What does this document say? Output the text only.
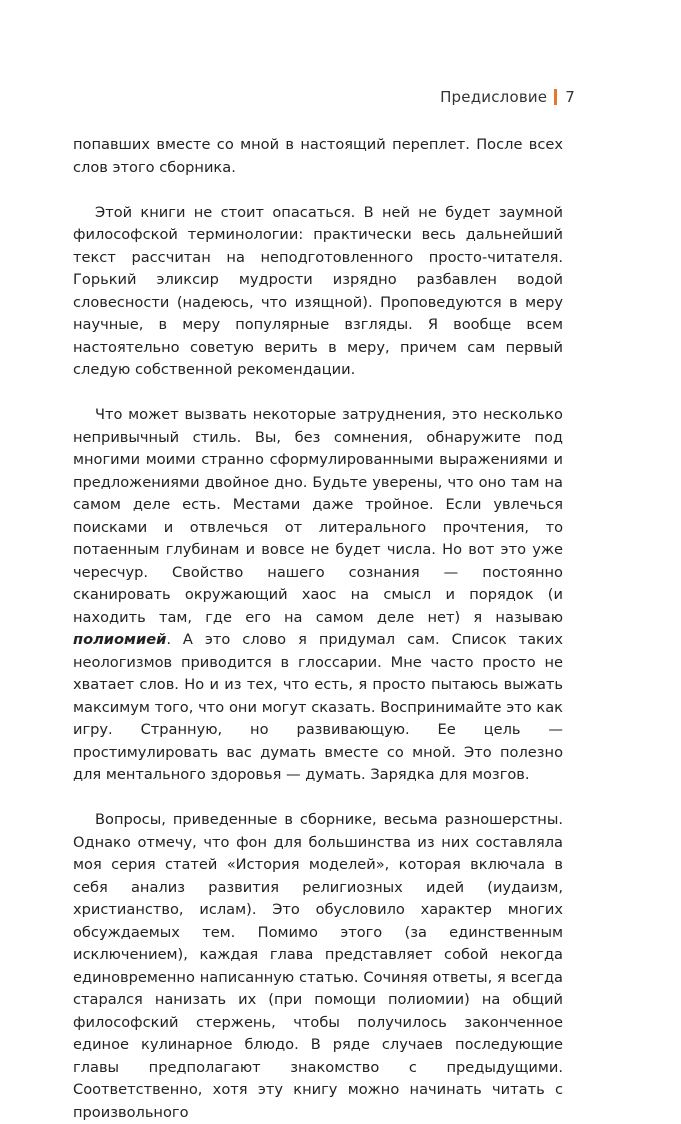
Предисловие 7

попавших вместе со мной в настоящий переплет. После всех слов этого сборника.

Этой книги не стоит опасаться. В ней не будет заумной философской терминологии: практически весь дальнейший текст рассчитан на неподготовленного просто-читателя. Горький эликсир мудрости изрядно разбавлен водой словесности (надеюсь, что изящной). Проповедуются в меру научные, в меру популярные взгляды. Я вообще всем настоятельно советую верить в меру, причем сам первый следую собственной рекомендации.

Что может вызвать некоторые затруднения, это несколько непривычный стиль. Вы, без сомнения, обнаружите под многими моими странно сформулированными выражениями и предложениями двойное дно. Будьте уверены, что оно там на самом деле есть. Местами даже тройное. Если увлечься поисками и отвлечься от литерального прочтения, то потаенным глубинам и вовсе не будет числа. Но вот это уже чересчур. Свойство нашего сознания — постоянно сканировать окружающий хаос на смысл и порядок (и находить там, где его на самом деле нет) я называю полиомией. А это слово я придумал сам. Список таких неологизмов приводится в глоссарии. Мне часто просто не хватает слов. Но и из тех, что есть, я просто пытаюсь выжать максимум того, что они могут сказать. Воспринимайте это как игру. Странную, но развивающую. Ее цель — простимулировать вас думать вместе со мной. Это полезно для ментального здоровья — думать. Зарядка для мозгов.

Вопросы, приведенные в сборнике, весьма разношерстны. Однако отмечу, что фон для большинства из них составляла моя серия статей «История моделей», которая включала в себя анализ развития религиозных идей (иудаизм, христианство, ислам). Это обусловило характер многих обсуждаемых тем. Помимо этого (за единственным исключением), каждая глава представляет собой некогда единовременно написанную статью. Сочиняя ответы, я всегда старался нанизать их (при помощи полиомии) на общий философский стержень, чтобы получилось законченное единое кулинарное блюдо. В ряде случаев последующие главы предполагают знакомство с предыдущими. Соответственно, хотя эту книгу можно начинать читать с произвольного
